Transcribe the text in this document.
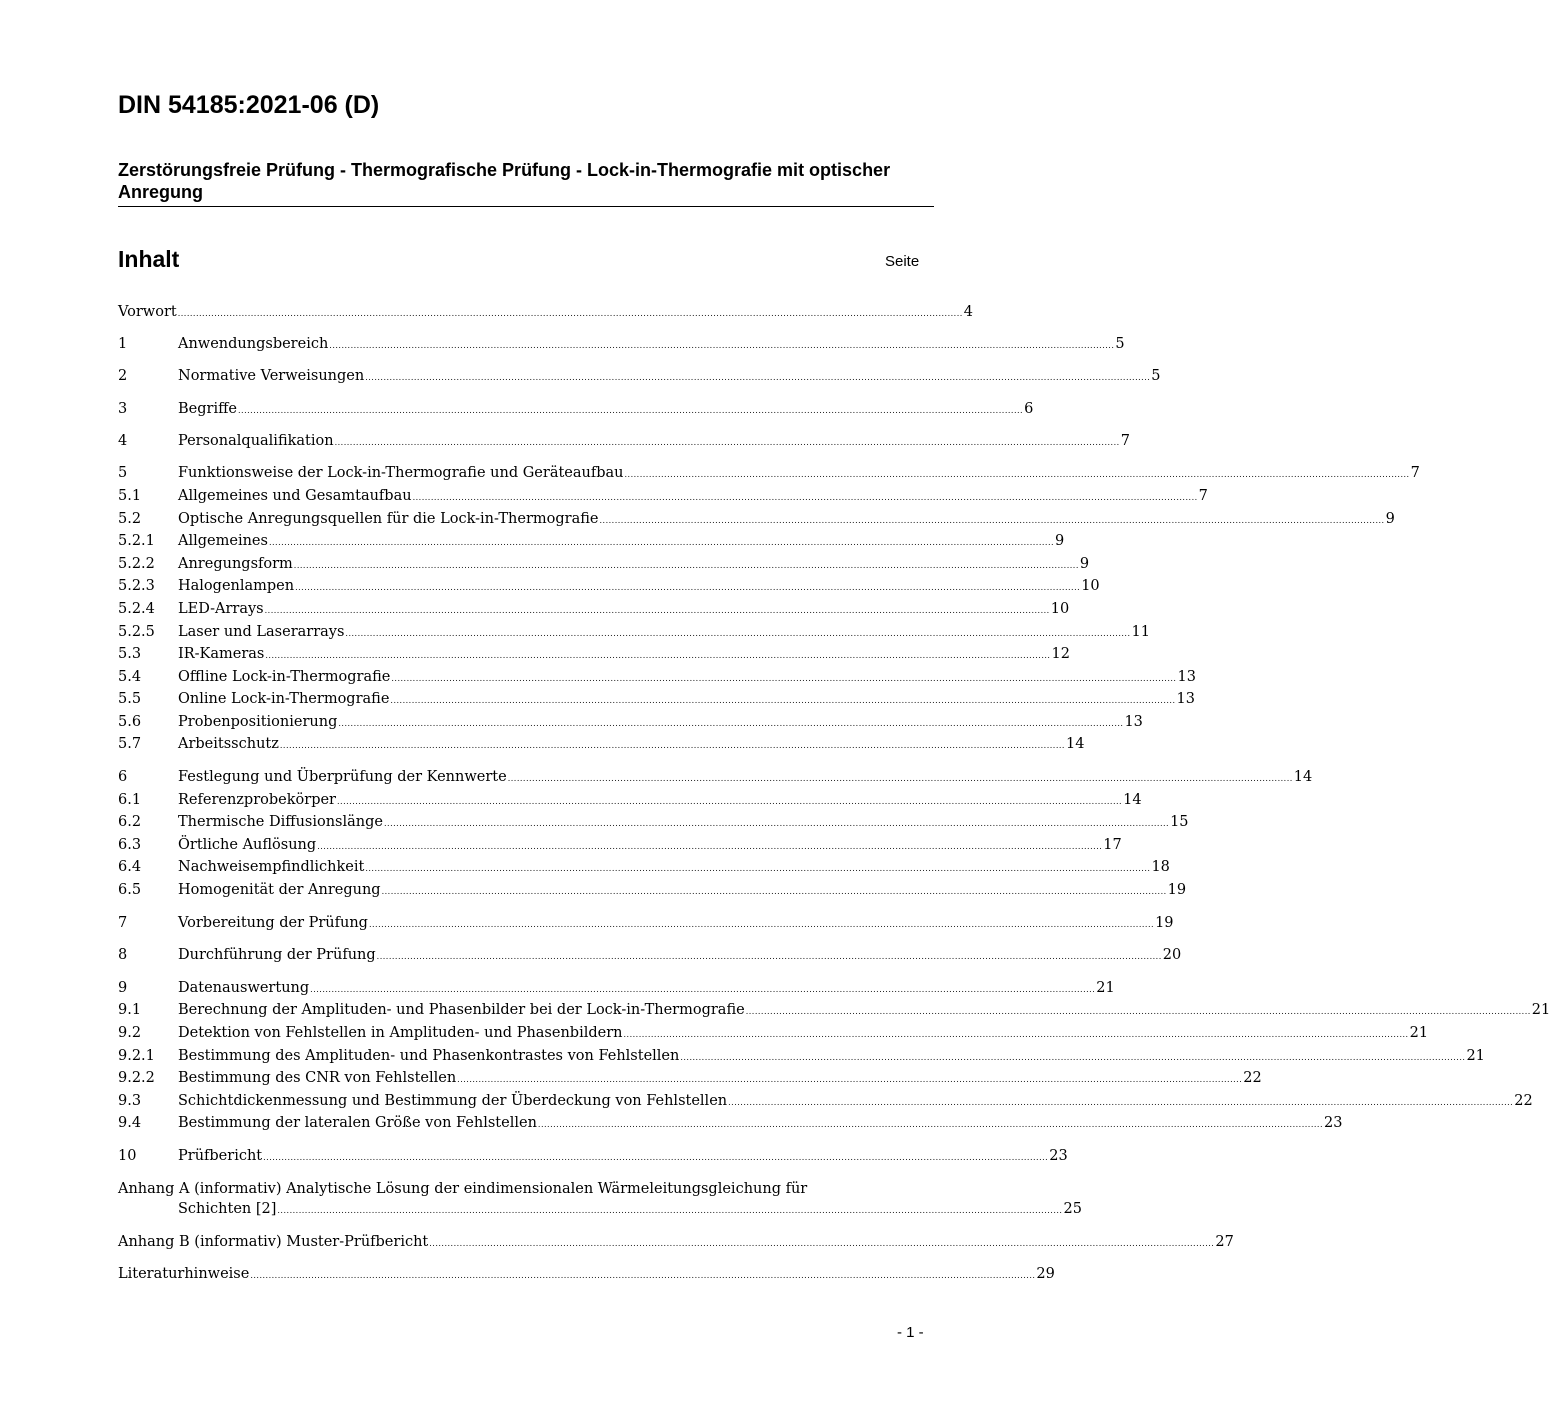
DIN 54185:2021-06 (D)
Zerstörungsfreie Prüfung - Thermografische Prüfung - Lock-in-Thermografie mit optischer Anregung
Inhalt	Seite
Vorwort .................................................................................................................................................................................................................................................................. 4
1	Anwendungsbereich .................................................................................................................................................................................................................................................................. 5
2	Normative Verweisungen .................................................................................................................................................................................................................................................................. 5
3	Begriffe .................................................................................................................................................................................................................................................................. 6
4	Personalqualifikation .................................................................................................................................................................................................................................................................. 7
5	Funktionsweise der Lock-in-Thermografie und Geräteaufbau .................................................................................................................................................................................................................................................................. 7
5.1	Allgemeines und Gesamtaufbau .................................................................................................................................................................................................................................................................. 7
5.2	Optische Anregungsquellen für die Lock-in-Thermografie .................................................................................................................................................................................................................................................................. 9
5.2.1	Allgemeines .................................................................................................................................................................................................................................................................. 9
5.2.2	Anregungsform .................................................................................................................................................................................................................................................................. 9
5.2.3	Halogenlampen .................................................................................................................................................................................................................................................................. 10
5.2.4	LED-Arrays .................................................................................................................................................................................................................................................................. 10
5.2.5	Laser und Laserarrays .................................................................................................................................................................................................................................................................. 11
5.3	IR-Kameras .................................................................................................................................................................................................................................................................. 12
5.4	Offline Lock-in-Thermografie .................................................................................................................................................................................................................................................................. 13
5.5	Online Lock-in-Thermografie .................................................................................................................................................................................................................................................................. 13
5.6	Probenpositionierung .................................................................................................................................................................................................................................................................. 13
5.7	Arbeitsschutz .................................................................................................................................................................................................................................................................. 14
6	Festlegung und Überprüfung der Kennwerte .................................................................................................................................................................................................................................................................. 14
6.1	Referenzprobekörper .................................................................................................................................................................................................................................................................. 14
6.2	Thermische Diffusionslänge .................................................................................................................................................................................................................................................................. 15
6.3	Örtliche Auflösung .................................................................................................................................................................................................................................................................. 17
6.4	Nachweisempfindlichkeit .................................................................................................................................................................................................................................................................. 18
6.5	Homogenität der Anregung .................................................................................................................................................................................................................................................................. 19
7	Vorbereitung der Prüfung .................................................................................................................................................................................................................................................................. 19
8	Durchführung der Prüfung .................................................................................................................................................................................................................................................................. 20
9	Datenauswertung .................................................................................................................................................................................................................................................................. 21
9.1	Berechnung der Amplituden- und Phasenbilder bei der Lock-in-Thermografie .................................................................................................................................................................................................................................................................. 21
9.2	Detektion von Fehlstellen in Amplituden- und Phasenbildern .................................................................................................................................................................................................................................................................. 21
9.2.1	Bestimmung des Amplituden- und Phasenkontrastes von Fehlstellen .................................................................................................................................................................................................................................................................. 21
9.2.2	Bestimmung des CNR von Fehlstellen .................................................................................................................................................................................................................................................................. 22
9.3	Schichtdickenmessung und Bestimmung der Überdeckung von Fehlstellen .................................................................................................................................................................................................................................................................. 22
9.4	Bestimmung der lateralen Größe von Fehlstellen .................................................................................................................................................................................................................................................................. 23
10	Prüfbericht .................................................................................................................................................................................................................................................................. 23
Anhang A (informativ) Analytische Lösung der eindimensionalen Wärmeleitungsgleichung für
Schichten [2] .................................................................................................................................................................................................................................................................. 25
Anhang B (informativ) Muster-Prüfbericht .................................................................................................................................................................................................................................................................. 27
Literaturhinweise .................................................................................................................................................................................................................................................................. 29
- 1 -
